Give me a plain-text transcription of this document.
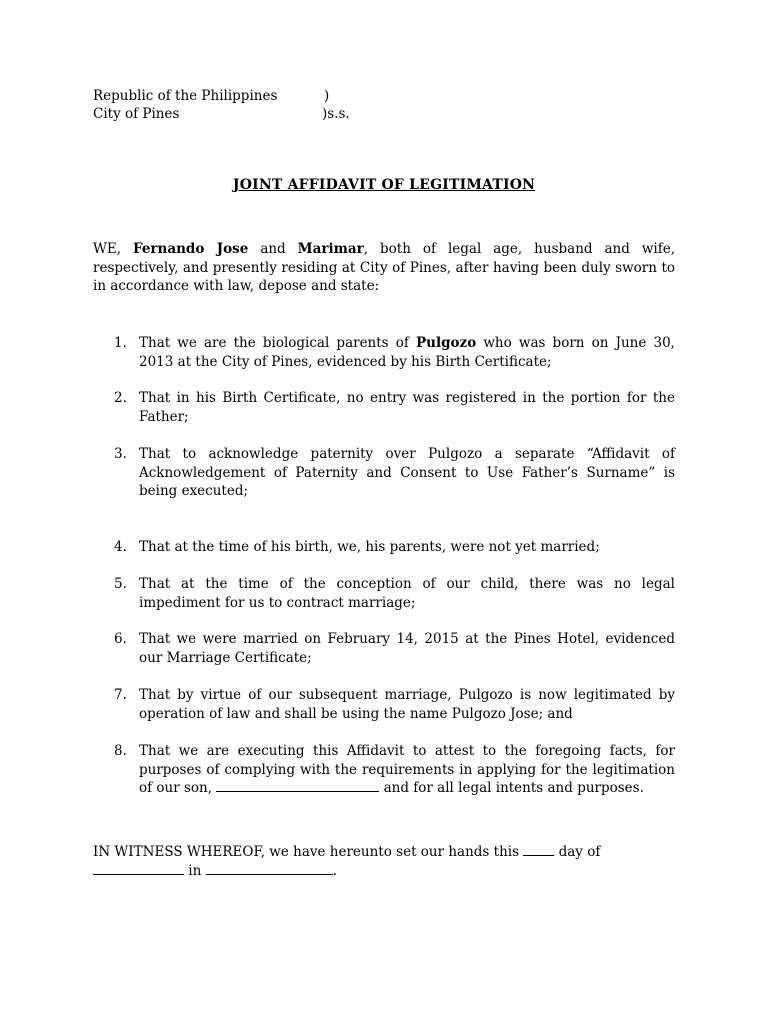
Republic of the Philippines	)
City of Pines	)s.s.
JOINT AFFIDAVIT OF LEGITIMATION

WE, Fernando Jose and Marimar, both of legal age, husband and wife, respectively, and presently residing at City of Pines, after having been duly sworn to in accordance with law, depose and state:

1. That we are the biological parents of Pulgozo who was born on June 30, 2013 at the City of Pines, evidenced by his Birth Certificate;
2. That in his Birth Certificate, no entry was registered in the portion for the Father;
3. That to acknowledge paternity over Pulgozo a separate “Affidavit of Acknowledgement of Paternity and Consent to Use Father’s Surname” is being executed;
4. That at the time of his birth, we, his parents, were not yet married;
5. That at the time of the conception of our child, there was no legal impediment for us to contract marriage;
6. That we were married on February 14, 2015 at the Pines Hotel, evidenced our Marriage Certificate;
7. That by virtue of our subsequent marriage, Pulgozo is now legitimated by operation of law and shall be using the name Pulgozo Jose; and
8. That we are executing this Affidavit to attest to the foregoing facts, for purposes of complying with the requirements in applying for the legitimation of our son,	and for all legal intents and purposes.

IN WITNESS WHEREOF, we have hereunto set our hands this  day of
in	.
